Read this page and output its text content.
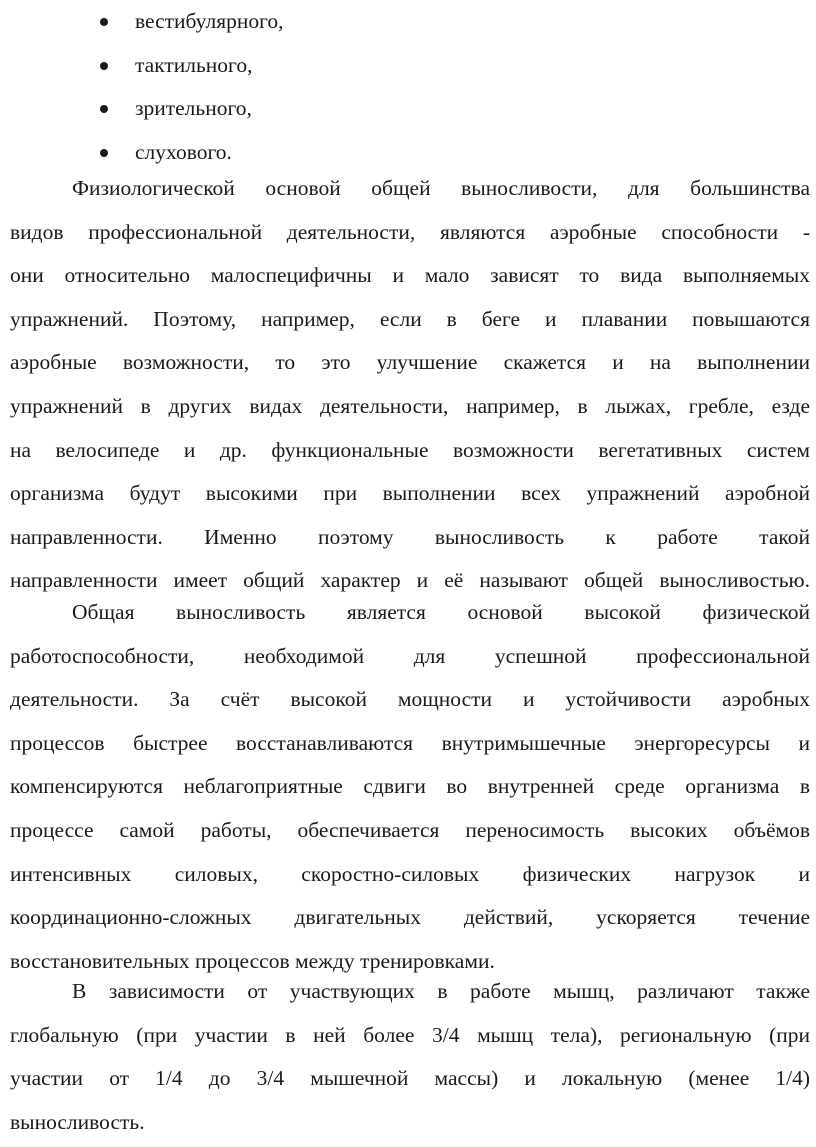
вестибулярного,
тактильного,
зрительного,
слухового.
Физиологической основой общей выносливости, для большинства
видов профессиональной деятельности, являются аэробные способности -
они относительно малоспецифичны и мало зависят то вида выполняемых
упражнений. Поэтому, например, если в беге и плавании повышаются
аэробные возможности, то это улучшение скажется и на выполнении
упражнений в других видах деятельности, например, в лыжах, гребле, езде
на велосипеде и др. функциональные возможности вегетативных систем
организма будут высокими при выполнении всех упражнений аэробной
направленности. Именно поэтому выносливость к работе такой
направленности имеет общий характер и её называют общей выносливостью.
Общая выносливость является основой высокой физической
работоспособности, необходимой для успешной профессиональной
деятельности. За счёт высокой мощности и устойчивости аэробных
процессов быстрее восстанавливаются внутримышечные энергоресурсы и
компенсируются неблагоприятные сдвиги во внутренней среде организма в
процессе самой работы, обеспечивается переносимость высоких объёмов
интенсивных силовых, скоростно-силовых физических нагрузок и
координационно-сложных двигательных действий, ускоряется течение
восстановительных процессов между тренировками.
В зависимости от участвующих в работе мышц, различают также
глобальную (при участии в ней более 3/4 мышц тела), региональную (при
участии от 1/4 до 3/4 мышечной массы) и локальную (менее 1/4)
выносливость.
